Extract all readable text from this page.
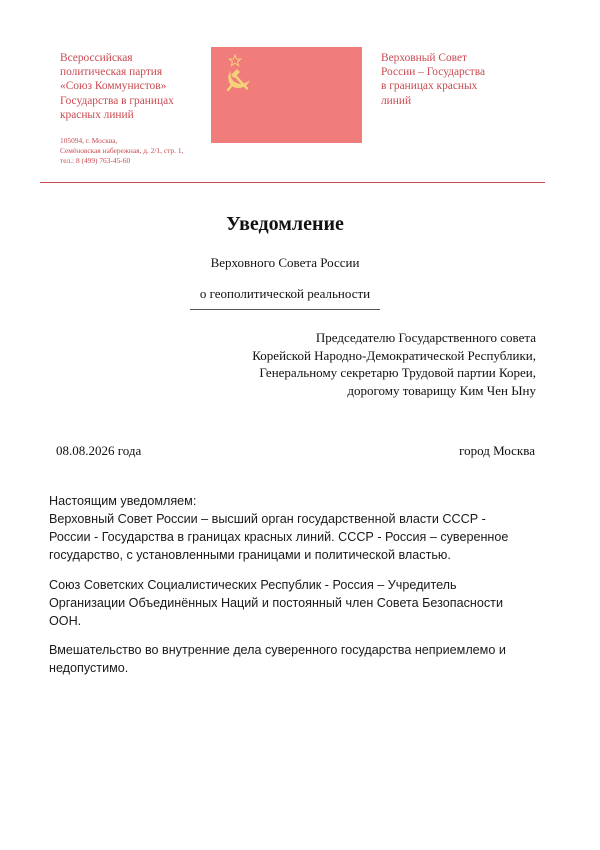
Всероссийская
политическая партия
«Союз Коммунистов»
Государства в границах
красных линий
105094, г. Москва,
Семёновская набережная, д. 2/1, стр. 1,
тел.: 8 (499) 763-45-60
Верховный Совет
России – Государства
в границах красных
линий
Уведомление
Верховного Совета России
о геополитической реальности
Председателю Государственного совета
Корейской Народно-Демократической Республики,
Генеральному секретарю Трудовой партии Кореи,
дорогому товарищу Ким Чен Ыну
08.08.2026 года	город Москва
Настоящим уведомляем:
Верховный Совет России – высший орган государственной власти СССР -
России - Государства в границах красных линий. СССР - Россия – суверенное
государство, с установленными границами и политической властью.
Союз Советских Социалистических Республик - Россия – Учредитель
Организации Объединённых Наций и постоянный член Совета Безопасности
ООН.
Вмешательство во внутренние дела суверенного государства неприемлемо и
недопустимо.
